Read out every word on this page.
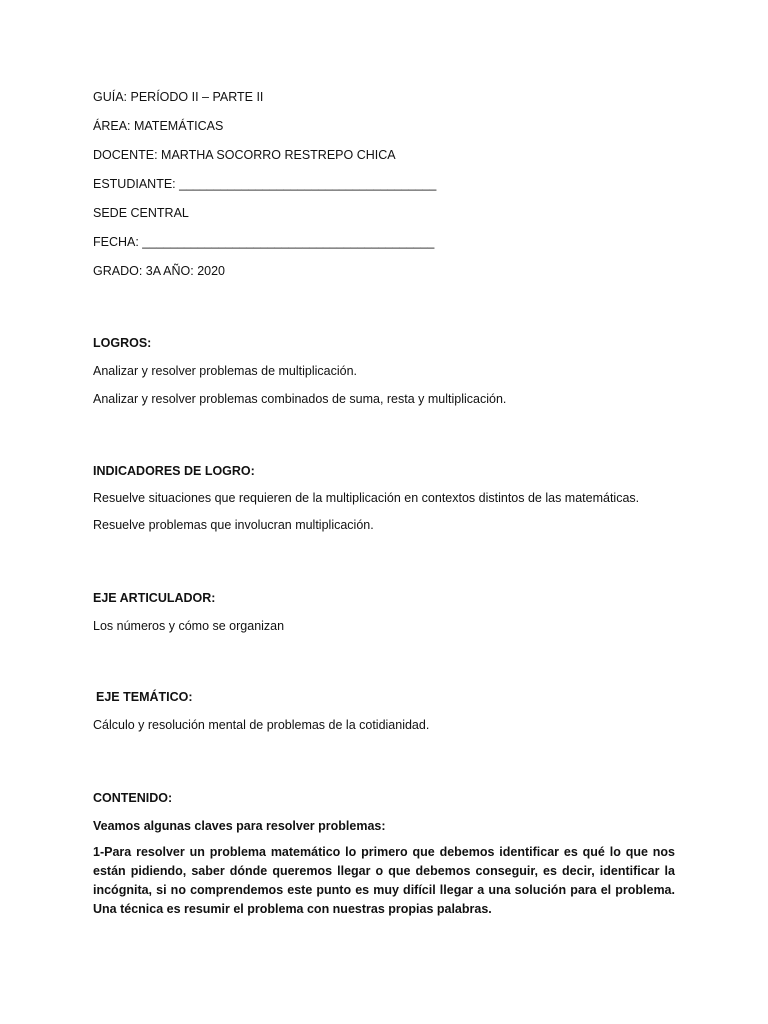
GUÍA: PERÍODO II – PARTE II
ÁREA: MATEMÁTICAS
DOCENTE: MARTHA SOCORRO RESTREPO CHICA
ESTUDIANTE: _____________________________________
SEDE CENTRAL
FECHA: __________________________________________
GRADO: 3A AÑO: 2020
LOGROS:
Analizar y resolver problemas de multiplicación.
Analizar y resolver problemas combinados de suma, resta y multiplicación.
INDICADORES DE LOGRO:
Resuelve situaciones que requieren de la multiplicación en contextos distintos de las matemáticas.
Resuelve problemas que involucran multiplicación.
EJE ARTICULADOR:
Los números y cómo se organizan
EJE TEMÁTICO:
Cálculo y resolución mental de problemas de la cotidianidad.
CONTENIDO:
Veamos algunas claves para resolver problemas:
1-Para resolver un problema matemático lo primero que debemos identificar es qué lo que nos están pidiendo, saber dónde queremos llegar o que debemos conseguir, es decir, identificar la incógnita, si no comprendemos este punto es muy difícil llegar a una solución para el problema. Una técnica es resumir el problema con nuestras propias palabras.
